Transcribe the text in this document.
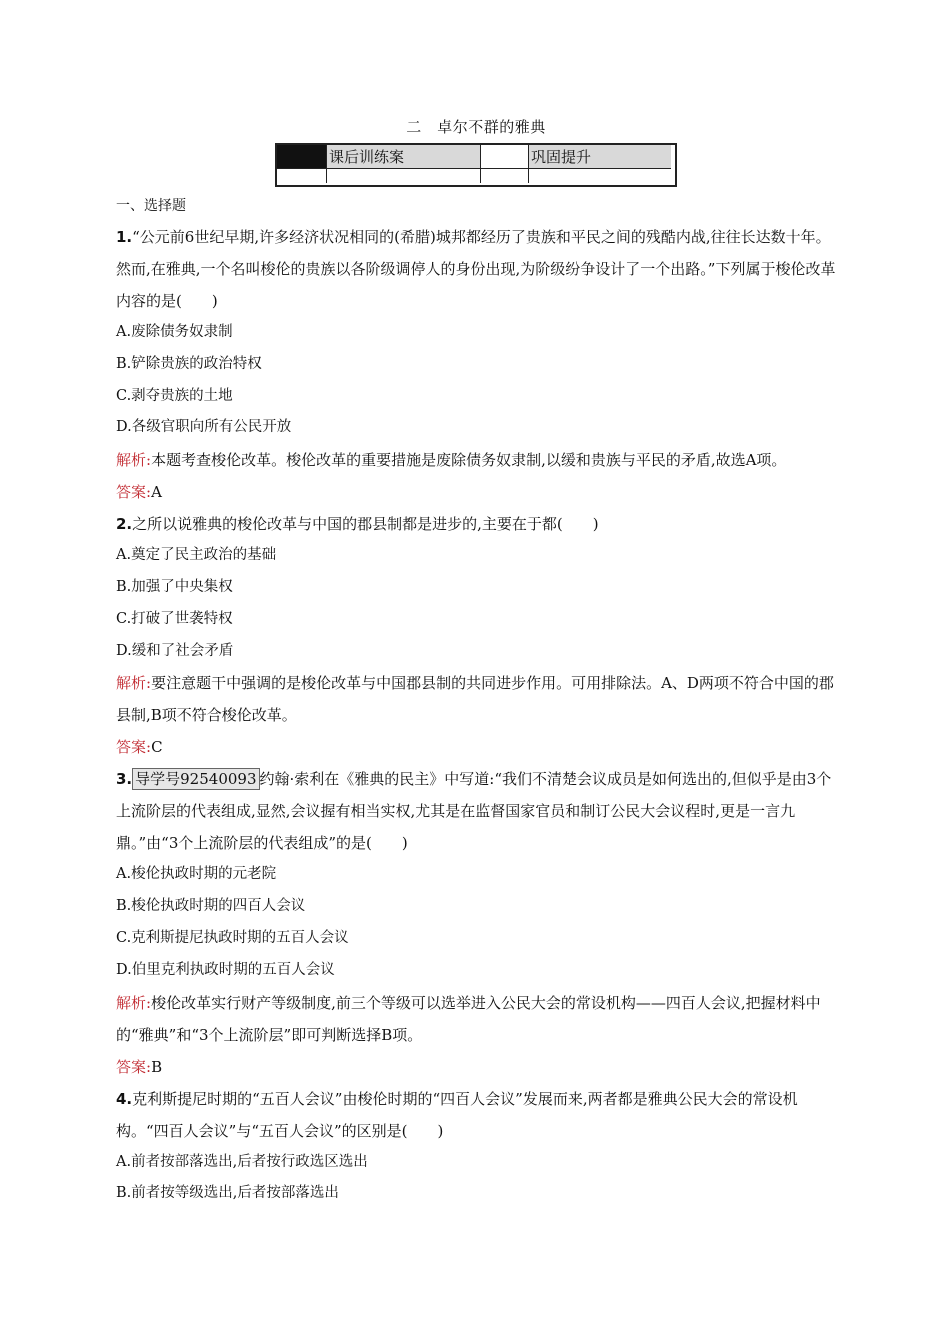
二　卓尔不群的雅典
课后训练案	巩固提升
一、选择题

1.“公元前6世纪早期,许多经济状况相同的(希腊)城邦都经历了贵族和平民之间的残酷内战,往往长达数十年。然而,在雅典,一个名叫梭伦的贵族以各阶级调停人的身份出现,为阶级纷争设计了一个出路。”下列属于梭伦改革内容的是(　　)

A.废除债务奴隶制
B.铲除贵族的政治特权
C.剥夺贵族的土地
D.各级官职向所有公民开放

解析:本题考查梭伦改革。梭伦改革的重要措施是废除债务奴隶制,以缓和贵族与平民的矛盾,故选A项。

答案:A

2.之所以说雅典的梭伦改革与中国的郡县制都是进步的,主要在于都(　　)

A.奠定了民主政治的基础
B.加强了中央集权
C.打破了世袭特权
D.缓和了社会矛盾

解析:要注意题干中强调的是梭伦改革与中国郡县制的共同进步作用。可用排除法。A、D两项不符合中国的郡县制,B项不符合梭伦改革。

答案:C

3. 导学号92540093 约翰·索利在《雅典的民主》中写道:“我们不清楚会议成员是如何选出的,但似乎是由3个上流阶层的代表组成,显然,会议握有相当实权,尤其是在监督国家官员和制订公民大会议程时,更是一言九鼎。”由“3个上流阶层的代表组成”的是(　　)

A.梭伦执政时期的元老院
B.梭伦执政时期的四百人会议
C.克利斯提尼执政时期的五百人会议
D.伯里克利执政时期的五百人会议

解析:梭伦改革实行财产等级制度,前三个等级可以选举进入公民大会的常设机构——四百人会议,把握材料中的“雅典”和“3个上流阶层”即可判断选择B项。

答案:B

4.克利斯提尼时期的“五百人会议”由梭伦时期的“四百人会议”发展而来,两者都是雅典公民大会的常设机构。“四百人会议”与“五百人会议”的区别是(　　)

A.前者按部落选出,后者按行政选区选出
B.前者按等级选出,后者按部落选出
